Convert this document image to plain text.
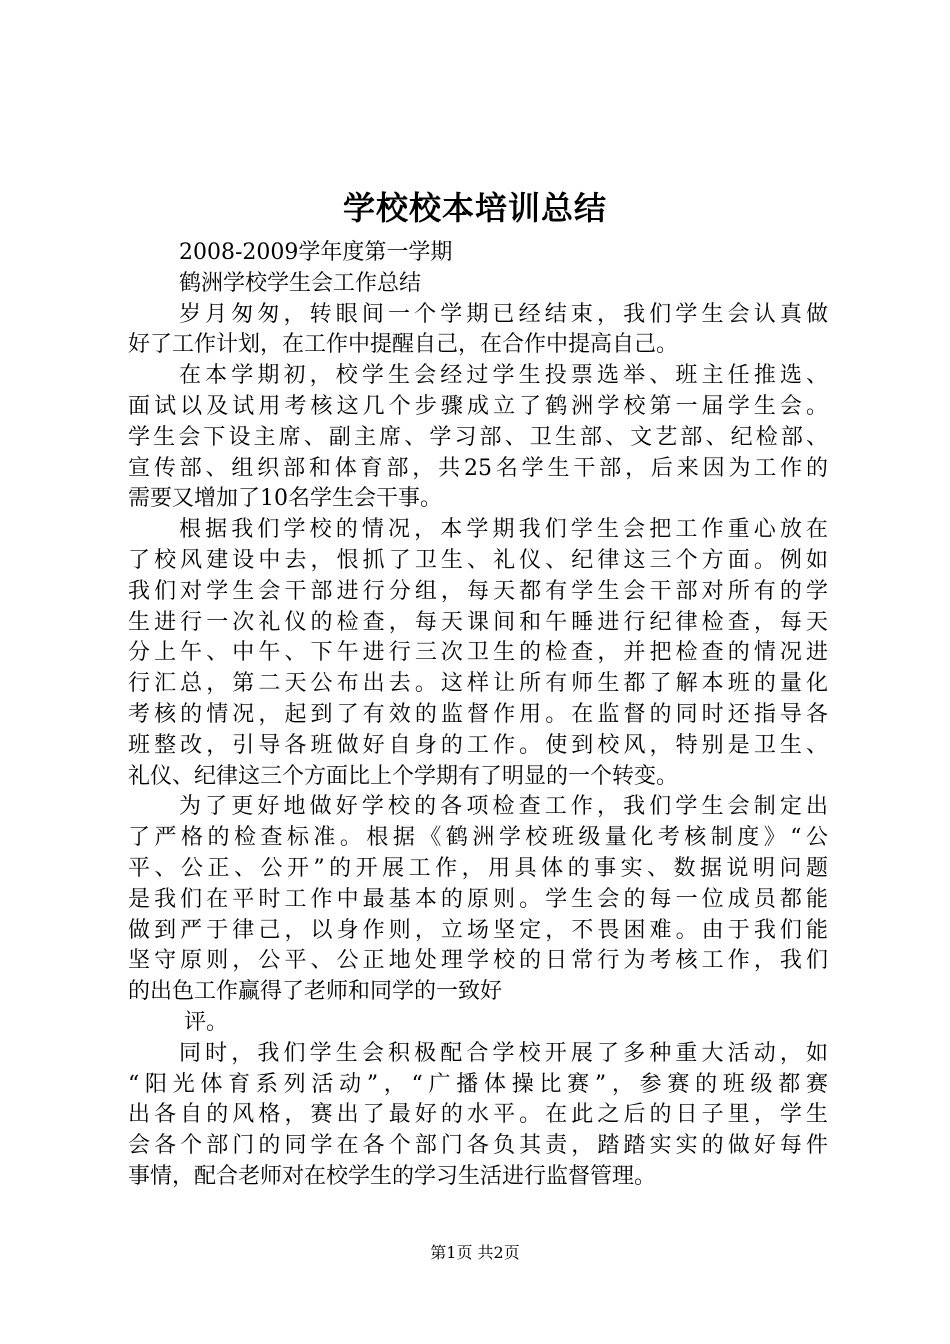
学校校本培训总结
2008-2009学年度第一学期
鹤洲学校学生会工作总结
岁月匆匆，转眼间一个学期已经结束，我们学生会认真做
好了工作计划，在工作中提醒自己，在合作中提高自己。
在本学期初，校学生会经过学生投票选举、班主任推选、
面试以及试用考核这几个步骤成立了鹤洲学校第一届学生会。
学生会下设主席、副主席、学习部、卫生部、文艺部、纪检部、
宣传部、组织部和体育部，共25名学生干部，后来因为工作的
需要又增加了10名学生会干事。
根据我们学校的情况，本学期我们学生会把工作重心放在
了校风建设中去，恨抓了卫生、礼仪、纪律这三个方面。例如
我们对学生会干部进行分组，每天都有学生会干部对所有的学
生进行一次礼仪的检查，每天课间和午睡进行纪律检查，每天
分上午、中午、下午进行三次卫生的检查，并把检查的情况进
行汇总，第二天公布出去。这样让所有师生都了解本班的量化
考核的情况，起到了有效的监督作用。在监督的同时还指导各
班整改，引导各班做好自身的工作。使到校风，特别是卫生、
礼仪、纪律这三个方面比上个学期有了明显的一个转变。
为了更好地做好学校的各项检查工作，我们学生会制定出
了严格的检查标准。根据《鹤洲学校班级量化考核制度》“公
平、公正、公开”的开展工作，用具体的事实、数据说明问题
是我们在平时工作中最基本的原则。学生会的每一位成员都能
做到严于律己，以身作则，立场坚定，不畏困难。由于我们能
坚守原则，公平、公正地处理学校的日常行为考核工作，我们
的出色工作赢得了老师和同学的一致好
评。
同时，我们学生会积极配合学校开展了多种重大活动，如
“阳光体育系列活动”，“广播体操比赛”，参赛的班级都赛
出各自的风格，赛出了最好的水平。在此之后的日子里，学生
会各个部门的同学在各个部门各负其责，踏踏实实的做好每件
事情，配合老师对在校学生的学习生活进行监督管理。
第1页 共2页
